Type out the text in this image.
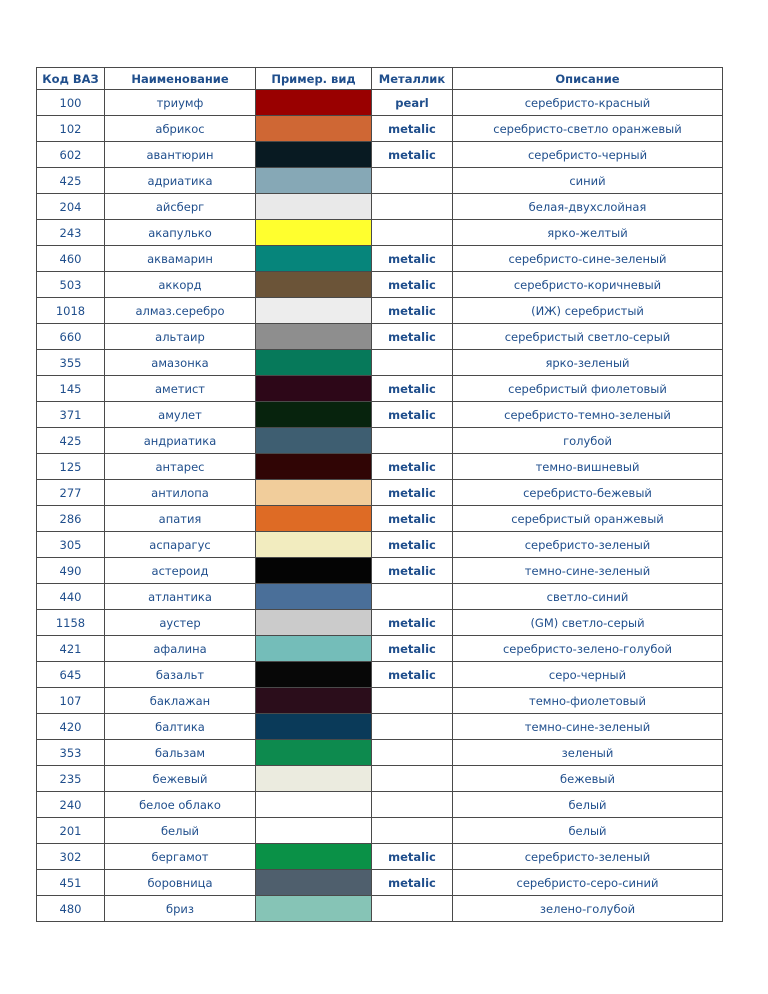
Код ВАЗ	Наименование	Пример. вид	Металлик	Описание
100	триумф		pearl	серебристо-красный
102	абрикос		metalic	серебристо-светло оранжевый
602	авантюрин		metalic	серебристо-черный
425	адриатика			синий
204	айсберг			белая-двухслойная
243	акапулько			ярко-желтый
460	аквамарин		metalic	серебристо-сине-зеленый
503	аккорд		metalic	серебристо-коричневый
1018	алмаз.серебро		metalic	(ИЖ) серебристый
660	альтаир		metalic	серебристый светло-серый
355	амазонка			ярко-зеленый
145	аметист		metalic	серебристый фиолетовый
371	амулет		metalic	серебристо-темно-зеленый
425	андриатика			голубой
125	антарес		metalic	темно-вишневый
277	антилопа		metalic	серебристо-бежевый
286	апатия		metalic	серебристый оранжевый
305	аспарагус		metalic	серебристо-зеленый
490	астероид		metalic	темно-сине-зеленый
440	атлантика			светло-синий
1158	аустер		metalic	(GM) светло-серый
421	афалина		metalic	серебристо-зелено-голубой
645	базальт		metalic	серо-черный
107	баклажан			темно-фиолетовый
420	балтика			темно-сине-зеленый
353	бальзам			зеленый
235	бежевый			бежевый
240	белое облако			белый
201	белый			белый
302	бергамот		metalic	серебристо-зеленый
451	боровница		metalic	серебристо-серо-синий
480	бриз			зелено-голубой
